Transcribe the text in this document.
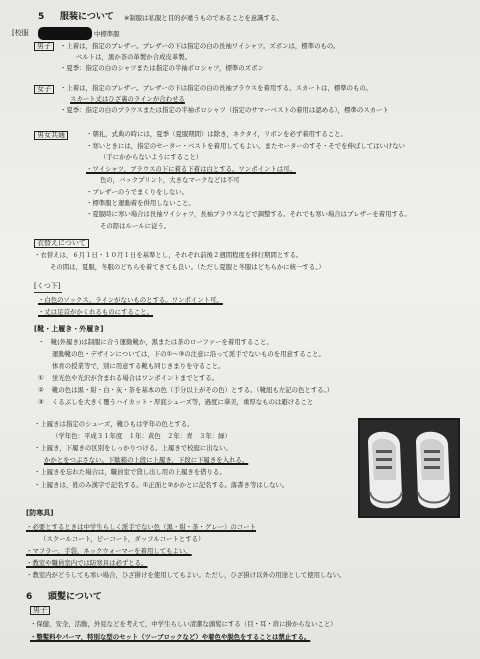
5 服装について ※制服は私服と目的が違うものであることを意識する。
[校服	中標準服
男子	・上着は，指定のブレザー。ブレザーの下は指定の白の長袖ワイシャツ。ズボンは，標準のもの。
ベルトは，黒か茶の革製か合成皮革製。
・夏季：指定の白のシャツまたは指定の半袖ポロシャツ，標準のズボン
女子	・上着は，指定のブレザー。ブレザーの下は指定の白の長袖ブラウスを着用する。スカートは，標準のもの。
スカート丈はひざ裏のラインが合わせる
・夏季：指定の白のブラウスまたは指定の半袖ポロシャツ（指定のサマーベストの着用は認める），標準のスカート
男女共通	・朝礼，式典の時には，夏季（夏服期間）は除き，ネクタイ，リボンを必ず着用すること。
・寒いときには，指定のセーター・ベストを着用してもよい。またセーターのすそ・そでを伸ばしてはいけない
（手にかからないようにすること）
・ワイシャツ，ブラウスの下に着る下着は白とする。ワンポイントは可。
色の，バックプリント，大きなマークなどは不可
・ブレザーのうでまくりをしない。
・標準服と運動着を併用しないこと。
・夏服時に寒い場合は長袖ワイシャツ，長袖ブラウスなどで調整する。それでも寒い場合はブレザーを着用する。
その際はルールに従う。
衣替えについて
・衣替えは，６月１日・１０月１日を基準とし，それぞれ前後２週間程度を移行期間とする。
その間は，夏服，冬服のどちらを着てきても良い。（ただし夏服と冬服はどちらかに統一する。）
[くつ下]
・白色のソックス。ラインがないものとする。ワンポイント可。
・丈は足首がかくれるものにすること。
[靴・上履き・外履き]
・　靴(外履き)は制服に合う運動靴か，黒または茶のローファーを着用すること。
運動靴の色・デザインについては，下の①～③の注意に沿って派手でないものを用意すること。
体育の授業等で，別に用意する靴も同じきまりを守ること。
① 蛍光色や光沢が含まれる場合はワンポイントまでとする。
② 靴の色は黒・紺・白・灰・茶を基本の色（手分以上がその色）とする。（靴紐も左記の色とする。）
③ くるぶしを大きく覆うハイカット・厚底シューズ等，過度に華美，重厚なものは避けること
・上履きは指定のシューズ，靴ひもは学年の色とする。
（学年色：平成３１年度　１年：黄色　２年：青　３年：緑）
・上履き，下履きの区別をしっかりつける。上履きで校庭に出ない。
かかとをつぶさない。下駄箱の上段に上履き，下段に下履きを入れる。
・上履きを忘れた場合は，職員室で貸し出し用の上履きを借りる。
・上履きは，姓のみ漢字で記名する。①正面と②かかとに記名する。落書き等はしない。
[防寒具]
・必要とするときは中学生らしく派手でない色（黒・紺・茶・グレー）のコート
（スクールコート，ピーコート，ダッフルコートとする）
・マフラー，手袋，ネックウォーマーを着用してもよい。
・教室や職員室内では防寒具は必ずとる。
・教室内がどうしても寒い場合，ひざ掛けを使用してもよい。ただし，ひざ掛け以外の用途として使用しない。
6 頭髪について
男子
・保健，安全，活動，外見などを考えて，中学生らしい清潔な頭髪にする（目・耳・肩に掛からないこと）
・整髪料やパーマ，特別な型のセット（ツーブロックなど）や着色や脱色をすることは禁止する。
